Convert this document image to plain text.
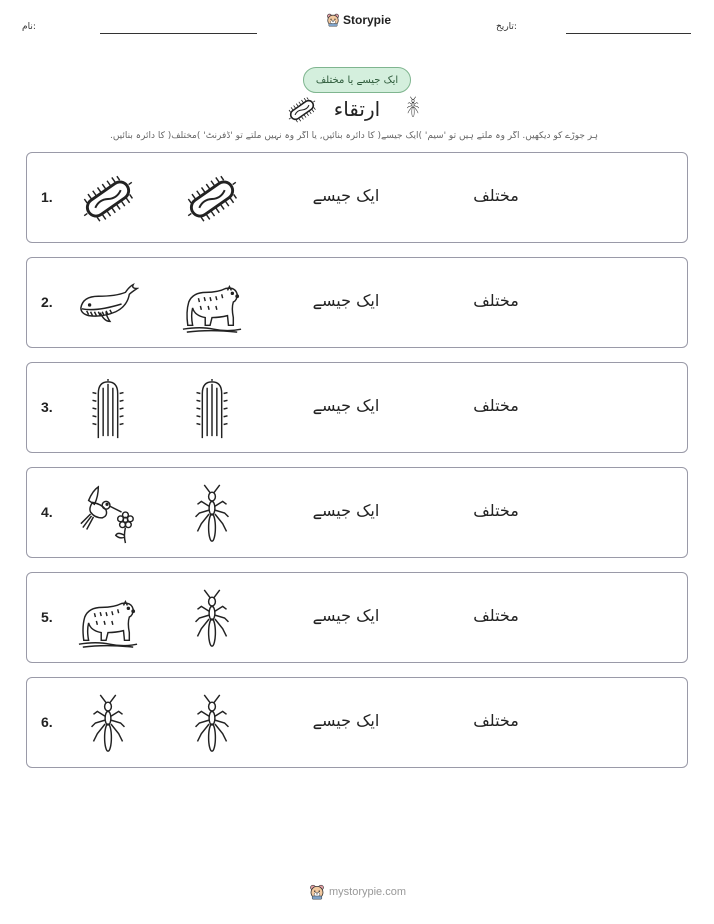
نام:	Storypie	تاریخ:
ایک جیسے یا مختلف
ارتقاء
ہر جوڑے کو دیکھیں. اگر وہ ملتے ہیں تو 'سیم' )ایک جیسے( کا دائرہ بنائیں, یا اگر وہ نہیں ملتے تو 'ڈفرنٹ' )مختلف( کا دائرہ بنائیں.
1.	ایک جیسے	مختلف
2.	ایک جیسے	مختلف
3.	ایک جیسے	مختلف
4.	ایک جیسے	مختلف
5.	ایک جیسے	مختلف
6.	ایک جیسے	مختلف
mystorypie.com
